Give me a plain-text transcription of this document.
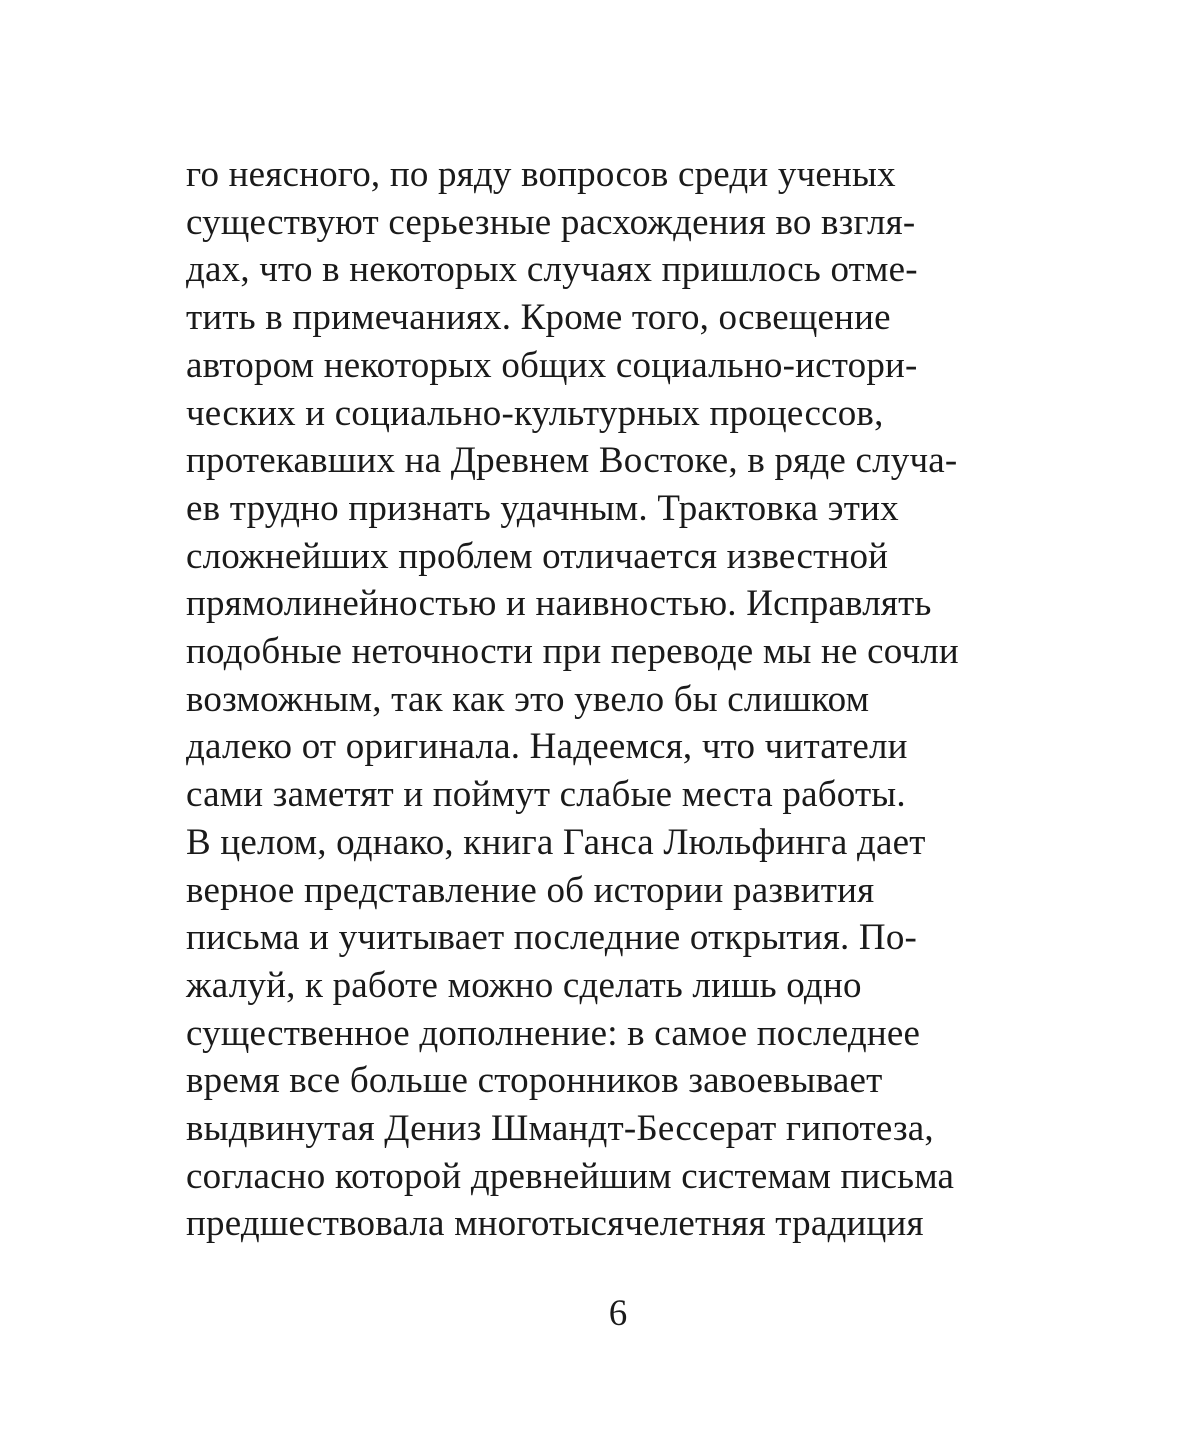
го неясного, по ряду вопросов среди ученых
существуют серьезные расхождения во взгля-
дах, что в некоторых случаях пришлось отме-
тить в примечаниях. Кроме того, освещение
автором некоторых общих социально-истори-
ческих и социально-культурных процессов,
протекавших на Древнем Востоке, в ряде случа-
ев трудно признать удачным. Трактовка этих
сложнейших проблем отличается известной
прямолинейностью и наивностью. Исправлять
подобные неточности при переводе мы не сочли
возможным, так как это увело бы слишком
далеко от оригинала. Надеемся, что читатели
сами заметят и поймут слабые места работы.
В целом, однако, книга Ганса Люльфинга дает
верное представление об истории развития
письма и учитывает последние открытия. По-
жалуй, к работе можно сделать лишь одно
существенное дополнение: в самое последнее
время все больше сторонников завоевывает
выдвинутая Дениз Шмандт-Бессерат гипотеза,
согласно которой древнейшим системам письма
предшествовала многотысячелетняя традиция
6
